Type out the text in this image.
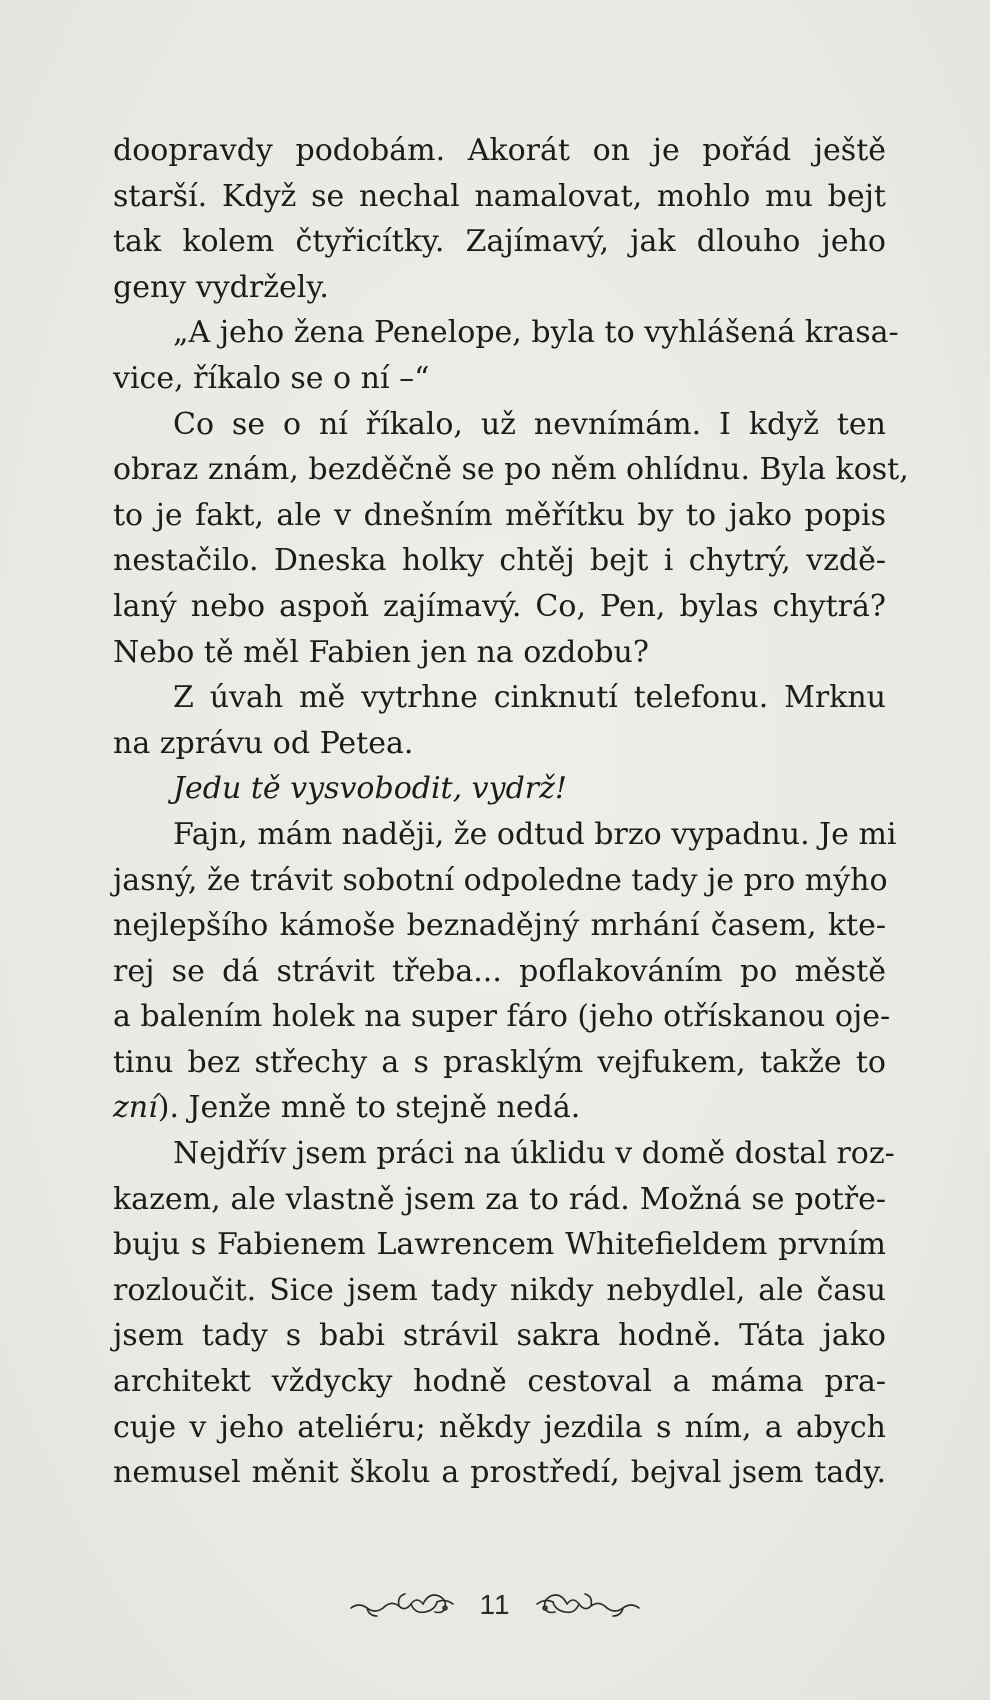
doopravdy podobám. Akorát on je pořád ještě
starší. Když se nechal namalovat, mohlo mu bejt
tak kolem čtyřicítky. Zajímavý, jak dlouho jeho
geny vydržely.
„A jeho žena Penelope, byla to vyhlášená krasa-
vice, říkalo se o ní –“
Co se o ní říkalo, už nevnímám. I když ten
obraz znám, bezděčně se po něm ohlídnu. Byla kost,
to je fakt, ale v dnešním měřítku by to jako popis
nestačilo. Dneska holky chtěj bejt i chytrý, vzdě-
laný nebo aspoň zajímavý. Co, Pen, bylas chytrá?
Nebo tě měl Fabien jen na ozdobu?
Z úvah mě vytrhne cinknutí telefonu. Mrknu
na zprávu od Petea.
Jedu tě vysvobodit, vydrž!
Fajn, mám naději, že odtud brzo vypadnu. Je mi
jasný, že trávit sobotní odpoledne tady je pro mýho
nejlepšího kámoše beznadějný mrhání časem, kte-
rej se dá strávit třeba... poflakováním po městě
a balením holek na super fáro (jeho otřískanou oje-
tinu bez střechy a s prasklým vejfukem, takže to
zní). Jenže mně to stejně nedá.
Nejdřív jsem práci na úklidu v domě dostal roz-
kazem, ale vlastně jsem za to rád. Možná se potře-
buju s Fabienem Lawrencem Whitefieldem prvním
rozloučit. Sice jsem tady nikdy nebydlel, ale času
jsem tady s babi strávil sakra hodně. Táta jako
architekt vždycky hodně cestoval a máma pra-
cuje v jeho ateliéru; někdy jezdila s ním, a abych
nemusel měnit školu a prostředí, bejval jsem tady.
11
